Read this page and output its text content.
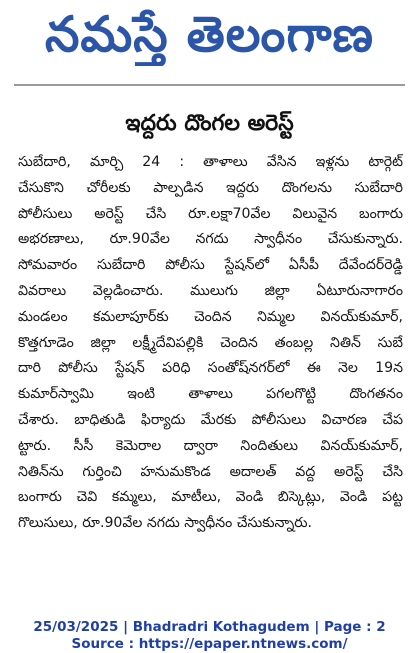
నమస్తే తెలంగాణ
ఇద్దరు దొంగల అరెస్ట్
సుబేదారి, మార్చి 24 : తాళాలు వేసిన ఇళ్లను టార్గెట్
చేసుకొని చోరీలకు పాల్పడిన ఇద్దరు దొంగలను సుబేదారి
పోలీసులు అరెస్ట్ చేసి రూ.లక్షా70వేల విలువైన బంగారు
అభరణాలు, రూ.90వేల నగదు స్వాధీనం చేసుకున్నారు.
సోమవారం సుబేదారి పోలీసు స్టేషన్‌లో ఏసీపీ దేవేందర్‌రెడ్డి
వివరాలు వెల్లడించారు. ములుగు జిల్లా ఏటూరునాగారం
మండలం కమలాపూర్‌కు చెందిన నిమ్మల వినయ్‌కుమార్,
కొత్తగూడెం జిల్లా లక్ష్మీదేవిపల్లికి చెందిన తంబల్ల నితిన్ సుబే
దారి పోలీసు స్టేషన్ పరిధి సంతోష్‌నగర్‌లో ఈ నెల 19న
కుమార్‌స్వామి ఇంటి తాళాలు పగలగొట్టి దొంగతనం
చేశారు. బాధితుడి ఫిర్యాదు మేరకు పోలీసులు విచారణ చేప
ట్టారు. సీసీ కెమెరాల ద్వారా నిందితులు వినయ్‌కుమార్,
నితిన్‌ను గుర్తించి హనుమకొండ అదాలత్ వద్ద అరెస్ట్ చేసి
బంగారు చెవి కమ్మలు, మాటీలు, వెండి బిస్కెట్లు, వెండి పట్ట
గొలుసులు, రూ.90వేల నగదు స్వాధీనం చేసుకున్నారు.
25/03/2025 | Bhadradri Kothagudem | Page : 2
Source : https://epaper.ntnews.com/
